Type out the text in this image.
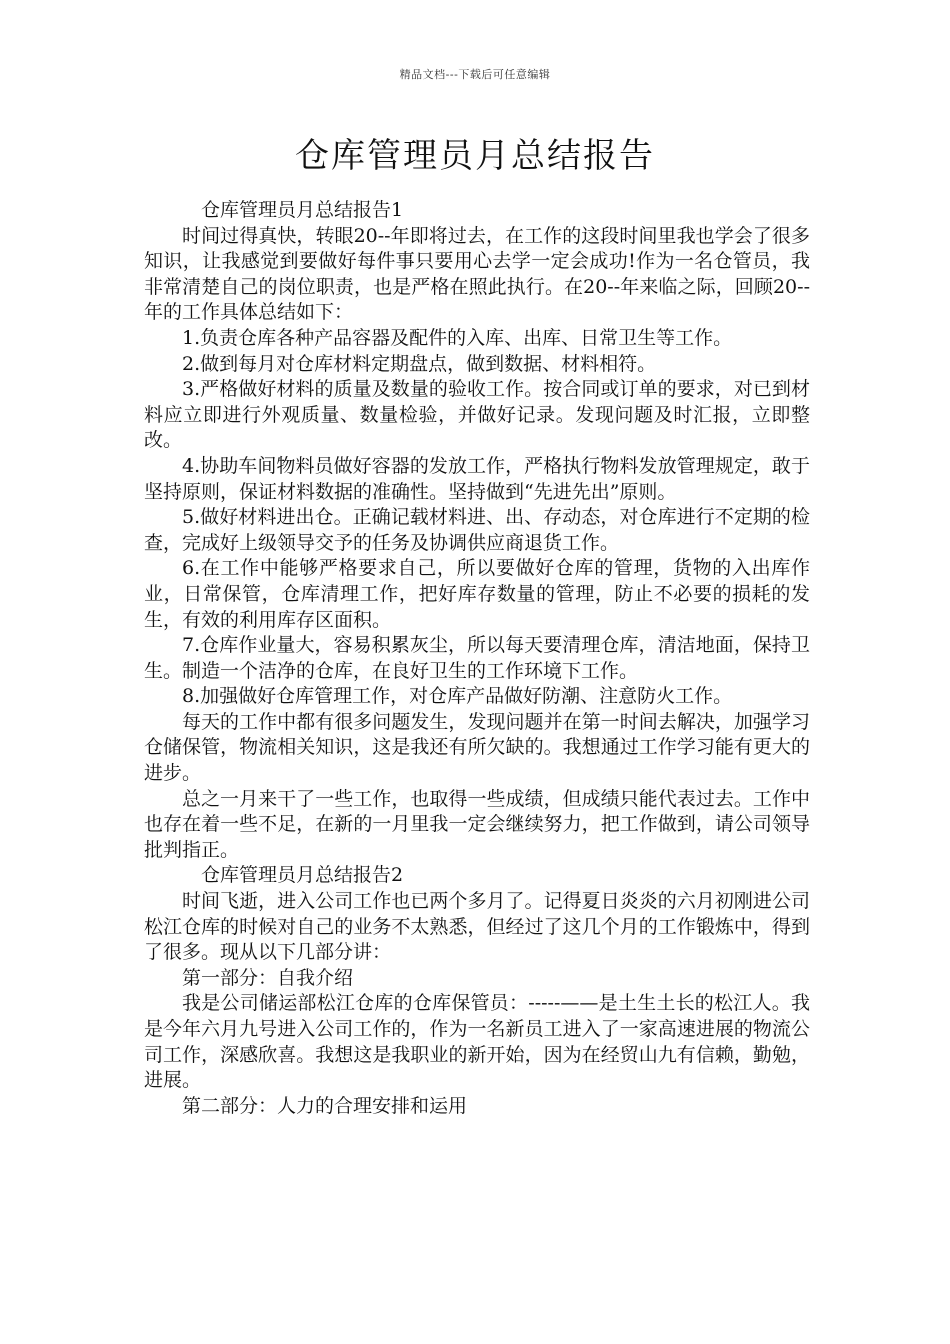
精品文档---下载后可任意编辑
仓库管理员月总结报告

仓库管理员月总结报告1

时间过得真快，转眼20--年即将过去，在工作的这段时间里我也学会了很多知识，让我感觉到要做好每件事只要用心去学一定会成功!作为一名仓管员，我非常清楚自己的岗位职责，也是严格在照此执行。在20--年来临之际，回顾20--年的工作具体总结如下：

1.负责仓库各种产品容器及配件的入库、出库、日常卫生等工作。

2.做到每月对仓库材料定期盘点，做到数据、材料相符。

3.严格做好材料的质量及数量的验收工作。按合同或订单的要求，对已到材料应立即进行外观质量、数量检验，并做好记录。发现问题及时汇报，立即整改。

4.协助车间物料员做好容器的发放工作，严格执行物料发放管理规定，敢于坚持原则，保证材料数据的准确性。坚持做到“先进先出”原则。

5.做好材料进出仓。正确记载材料进、出、存动态，对仓库进行不定期的检查，完成好上级领导交予的任务及协调供应商退货工作。

6.在工作中能够严格要求自己，所以要做好仓库的管理，货物的入出库作业，日常保管，仓库清理工作，把好库存数量的管理，防止不必要的损耗的发生，有效的利用库存区面积。

7.仓库作业量大，容易积累灰尘，所以每天要清理仓库，清洁地面，保持卫生。制造一个洁净的仓库，在良好卫生的工作环境下工作。

8.加强做好仓库管理工作，对仓库产品做好防潮、注意防火工作。

每天的工作中都有很多问题发生，发现问题并在第一时间去解决，加强学习仓储保管，物流相关知识，这是我还有所欠缺的。我想通过工作学习能有更大的进步。

总之一月来干了一些工作，也取得一些成绩，但成绩只能代表过去。工作中也存在着一些不足，在新的一月里我一定会继续努力，把工作做到，请公司领导批判指正。

仓库管理员月总结报告2

时间飞逝，进入公司工作也已两个多月了。记得夏日炎炎的六月初刚进公司松江仓库的时候对自己的业务不太熟悉，但经过了这几个月的工作锻炼中，得到了很多。现从以下几部分讲：

第一部分：自我介绍

我是公司储运部松江仓库的仓库保管员：-----——是土生土长的松江人。我是今年六月九号进入公司工作的，作为一名新员工进入了一家高速进展的物流公司工作，深感欣喜。我想这是我职业的新开始，因为在经贸山九有信赖，勤勉，进展。

第二部分：人力的合理安排和运用
